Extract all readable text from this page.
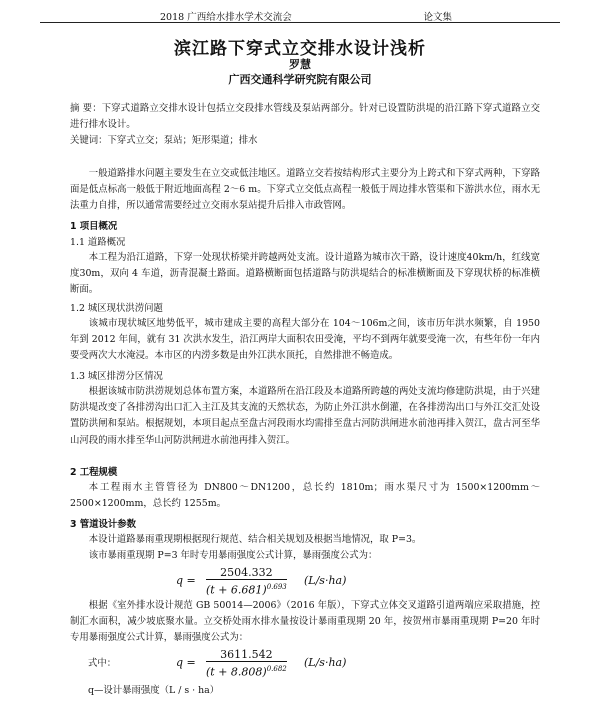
2018 广西给水排水学术交流会	论文集
滨江路下穿式立交排水设计浅析
罗慧
广西交通科学研究院有限公司

摘 要：下穿式道路立交排水设计包括立交段排水管线及泵站两部分。针对已设置防洪堤的沿江路下穿式道路立交进行排水设计。

关键词：下穿式立交；泵站；矩形渠道；排水

一般道路排水问题主要发生在立交或低洼地区。道路立交若按结构形式主要分为上跨式和下穿式两种，下穿路面是低点标高一般低于附近地面高程 2～6 m。下穿式立交低点高程一般低于周边排水管渠和下游洪水位，雨水无法重力自排，所以通常需要经过立交雨水泵站提升后排入市政管网。

1 项目概况
1.1 道路概况

本工程为沿江道路，下穿一处现状桥梁并跨越两处支流。设计道路为城市次干路，设计速度40km/h，红线宽度30m，双向 4 车道，沥青混凝土路面。道路横断面包括道路与防洪堤结合的标准横断面及下穿现状桥的标准横断面。

1.2 城区现状洪涝问题

该城市现状城区地势低平，城市建成主要的高程大部分在 104～106m之间，该市历年洪水频繁，自 1950 年到 2012 年间，就有 31 次洪水发生，沿江两岸大面积农田受淹，平均不到两年就要受淹一次，有些年份一年内要受两次大水淹浸。本市区的内涝多数是由外江洪水顶托，自然排泄不畅造成。

1.3 城区排涝分区情况

根据该城市防洪涝规划总体布置方案，本道路所在沿江段及本道路所跨越的两处支流均修建防洪堤，由于兴建防洪堤改变了各排涝沟出口汇入主江及其支流的天然状态，为防止外江洪水倒灌，在各排涝沟出口与外江交汇处设置防洪闸和泵站。根据规划，本项目起点至盘古河段雨水均需排至盘古河防洪闸进水前池再排入贺江，盘古河至华山河段的雨水排至华山河防洪闸进水前池再排入贺江。

2 工程规模

本工程雨水主管管径为 DN800～DN1200，总长约 1810m；雨水渠尺寸为 1500×1200mm～2500×1200mm，总长约 1255m。

3 管道设计参数

本设计道路暴雨重现期根据现行规范、结合相关规划及根据当地情况，取 P=3。

该市暴雨重现期 P=3 年时专用暴雨强度公式计算，暴雨强度公式为：

$q = \frac{2504.332}{(t + 6.681)^{0.693}} (L/s\cdot ha)$

根据《室外排水设计规范 GB 50014—2006》（2016 年版），下穿式立体交叉道路引道两端应采取措施，控制汇水面积，减少坡底聚水量。立交桥处雨水排水量按设计暴雨重现期 20 年，按贺州市暴雨重现期 P=20 年时专用暴雨强度公式计算，暴雨强度公式为：

式中：	$q = \frac{3611.542}{(t + 8.808)^{0.682}} (L/s\cdot ha)$
q—设计暴雨强度（L / s · ha）
